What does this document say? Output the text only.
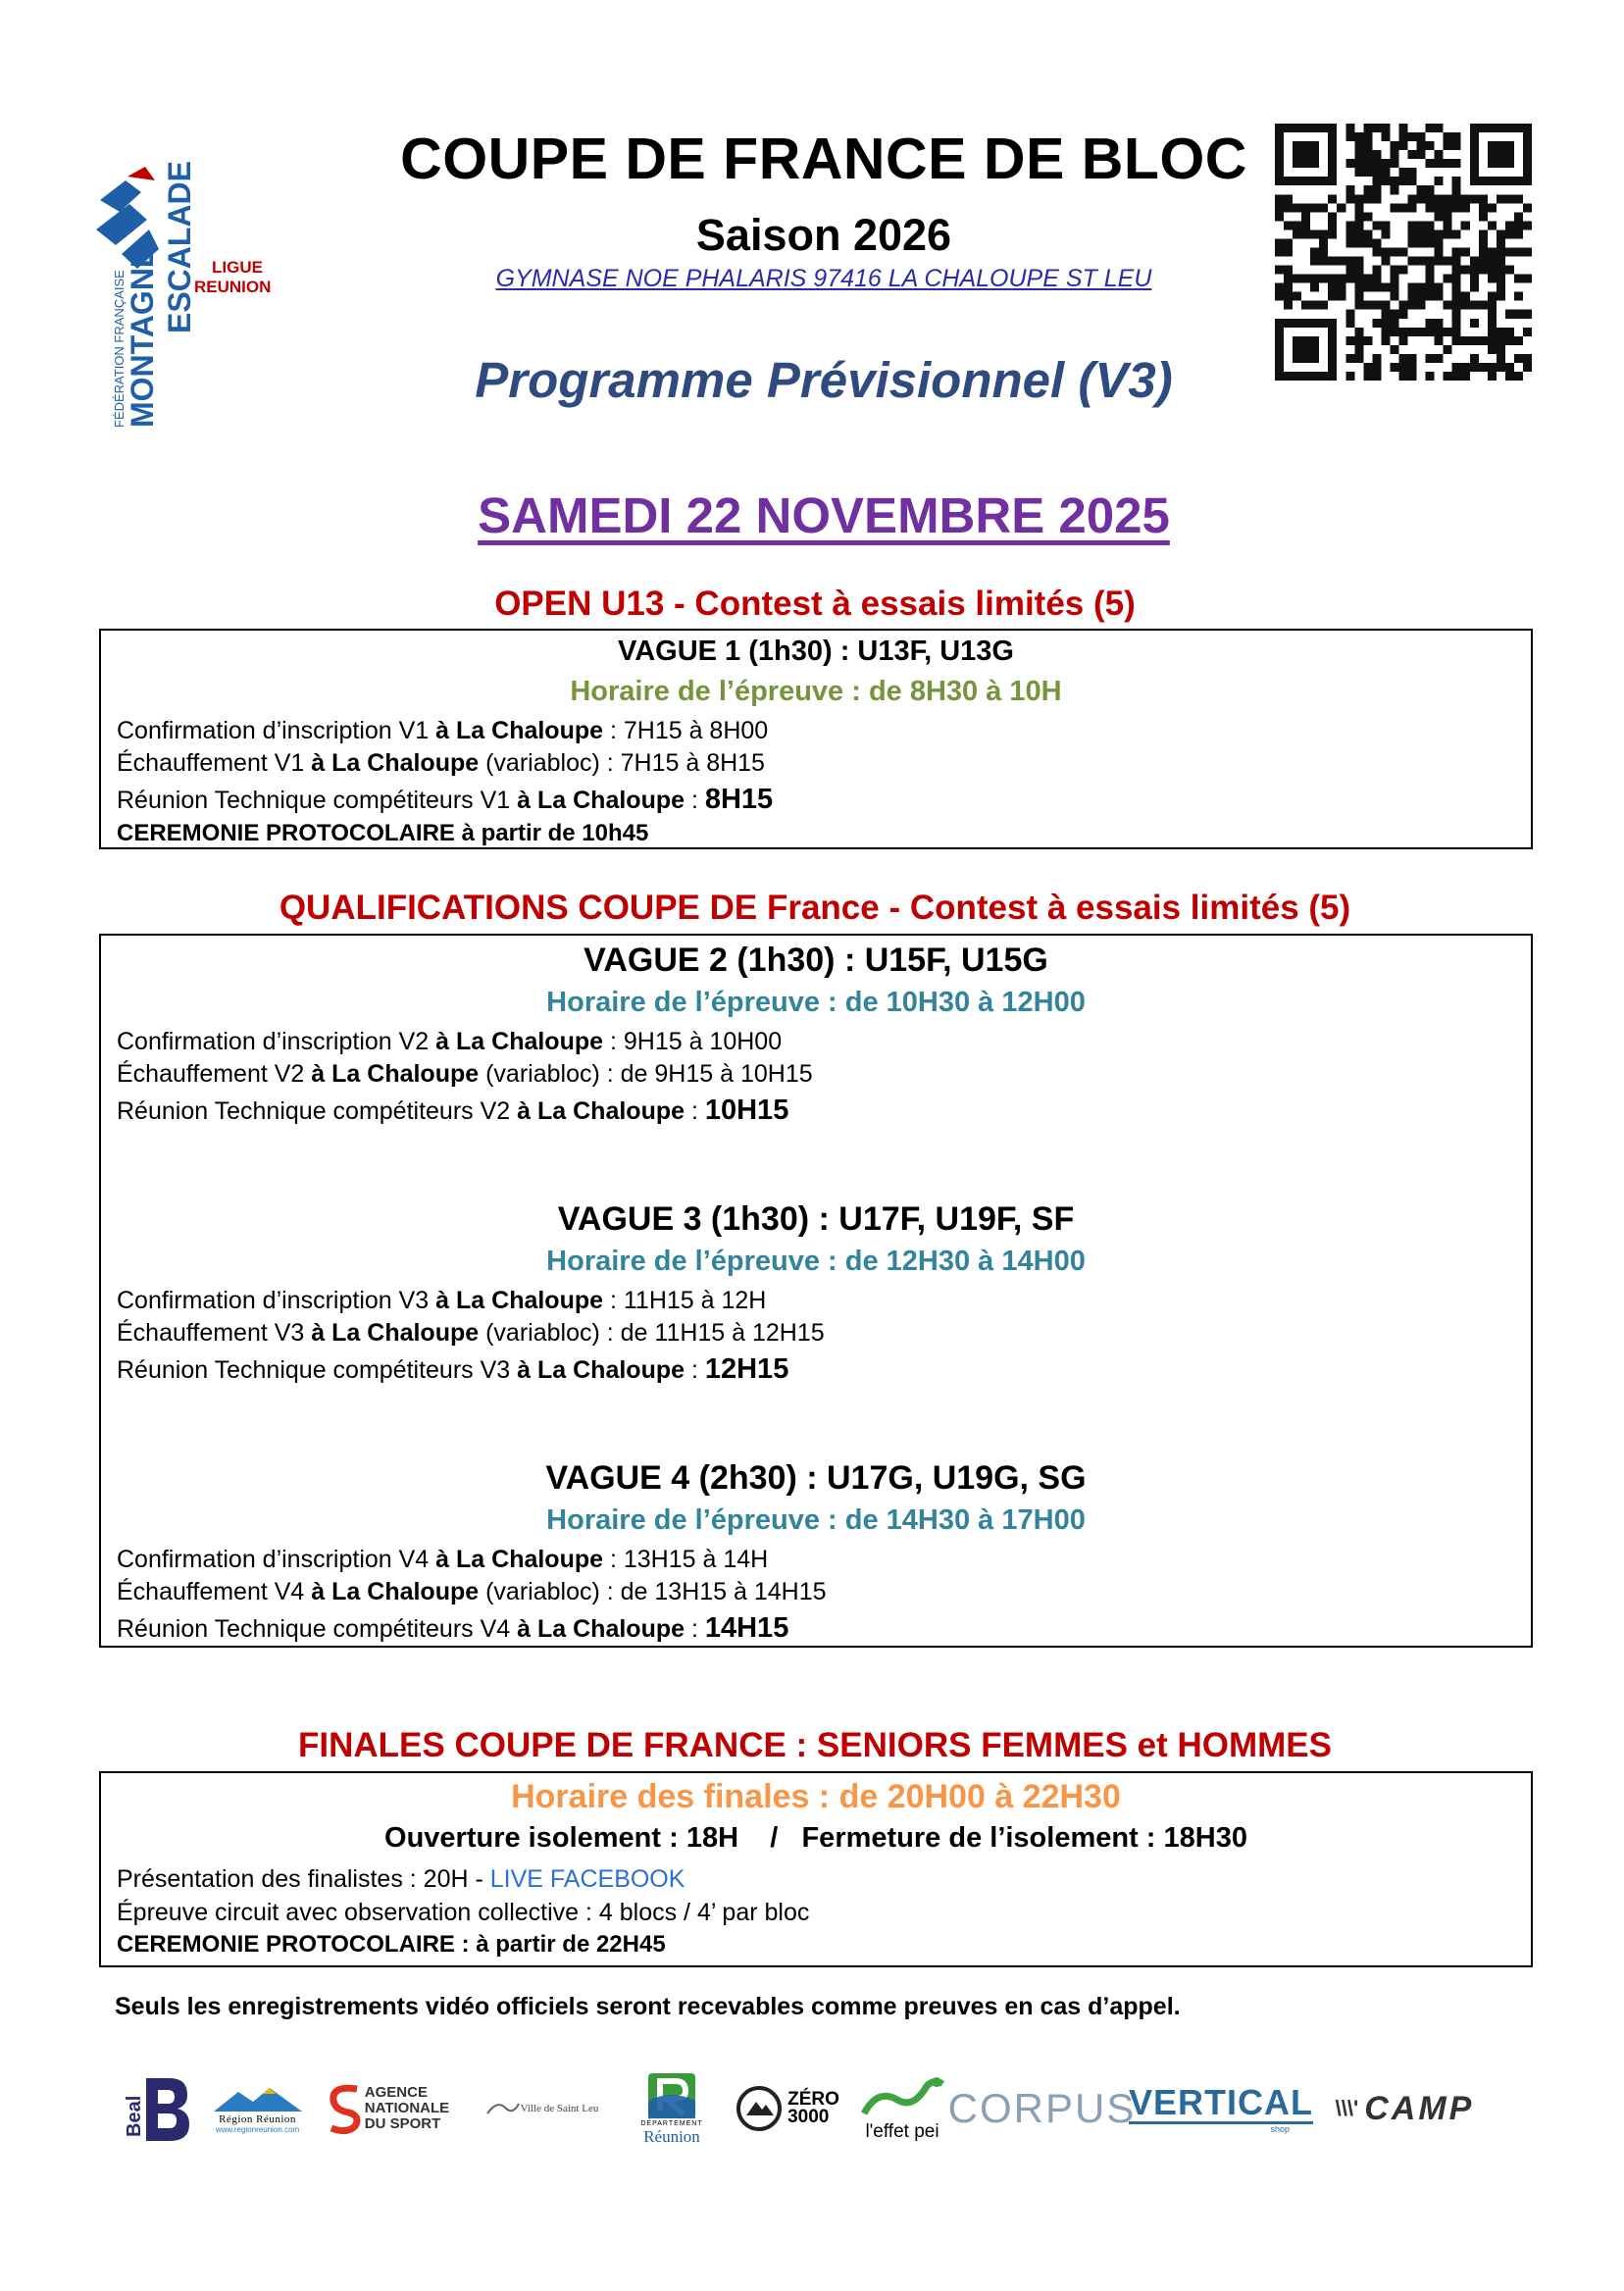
FÉDÉRATION FRANÇAISE
MONTAGNE ESCALADE LIGUE
REUNION
COUPE DE FRANCE DE BLOC
Saison 2026
GYMNASE NOE PHALARIS 97416 LA CHALOUPE ST LEU
Programme Prévisionnel (V3)
SAMEDI 22 NOVEMBRE 2025
OPEN U13 - Contest à essais limités (5)
VAGUE 1 (1h30) : U13F, U13G
Horaire de l’épreuve : de 8H30 à 10H
Confirmation d’inscription V1 à La Chaloupe : 7H15 à 8H00
Échauffement V1 à La Chaloupe (variabloc) : 7H15 à 8H15
Réunion Technique compétiteurs V1 à La Chaloupe : 8H15
CEREMONIE PROTOCOLAIRE à partir de 10h45
QUALIFICATIONS COUPE DE France - Contest à essais limités (5)
VAGUE 2 (1h30) : U15F, U15G
Horaire de l’épreuve : de 10H30 à 12H00
Confirmation d’inscription V2 à La Chaloupe : 9H15 à 10H00
Échauffement V2 à La Chaloupe (variabloc) : de 9H15 à 10H15
Réunion Technique compétiteurs V2 à La Chaloupe : 10H15
VAGUE 3 (1h30) : U17F, U19F, SF
Horaire de l’épreuve : de 12H30 à 14H00
Confirmation d’inscription V3 à La Chaloupe : 11H15 à 12H
Échauffement V3 à La Chaloupe (variabloc) : de 11H15 à 12H15
Réunion Technique compétiteurs V3 à La Chaloupe : 12H15
VAGUE 4 (2h30) : U17G, U19G, SG
Horaire de l’épreuve : de 14H30 à 17H00
Confirmation d’inscription V4 à La Chaloupe : 13H15 à 14H
Échauffement V4 à La Chaloupe (variabloc) : de 13H15 à 14H15
Réunion Technique compétiteurs V4 à La Chaloupe : 14H15
FINALES COUPE DE FRANCE : SENIORS FEMMES et HOMMES
Horaire des finales : de 20H00 à 22H30
Ouverture isolement : 18H    /   Fermeture de l’isolement : 18H30
Présentation des finalistes : 20H - LIVE FACEBOOK
Épreuve circuit avec observation collective : 4 blocs / 4’ par bloc
CEREMONIE PROTOCOLAIRE : à partir de 22H45
Seuls les enregistrements vidéo officiels seront recevables comme preuves en cas d’appel.
Beal	Région Réunion
www.regionreunion.com
AGENCE
NATIONALE
DU SPORT
Ville de Saint Leu
DÉPARTEMENT
Réunion
ZÉRO
3000
l'effet pei
CORPUS
VERTICAL
shop
\\\' CAMP
